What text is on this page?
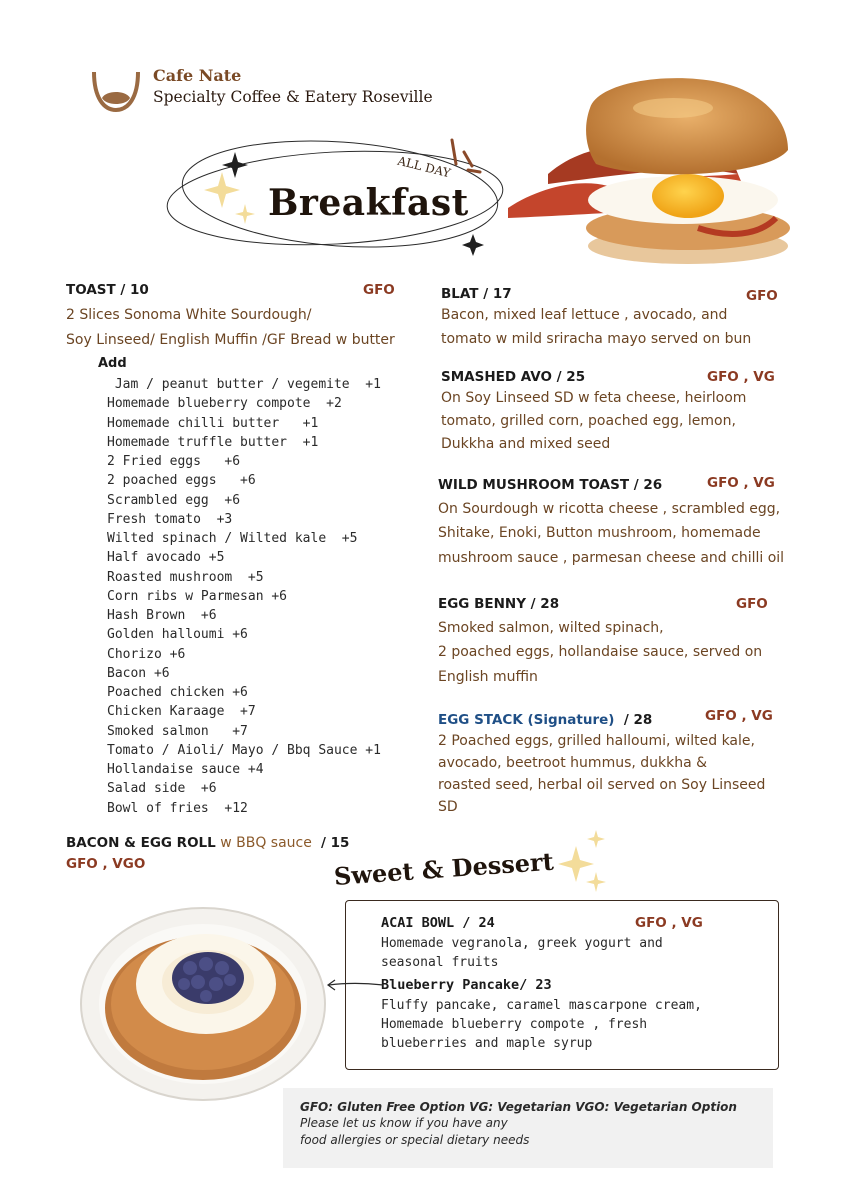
Cafe Nate
Specialty Coffee & Eatery Roseville
ALL DAY
Breakfast
TOAST / 10	GFO
2 Slices Sonoma White Sourdough/
Soy Linseed/ English Muffin /GF Bread w butter
Add
Jam / peanut butter / vegemite  +1
Homemade blueberry compote  +2
Homemade chilli butter   +1
Homemade truffle butter  +1
2 Fried eggs   +6
2 poached eggs   +6
Scrambled egg  +6
Fresh tomato  +3
Wilted spinach / Wilted kale  +5
Half avocado +5
Roasted mushroom  +5
Corn ribs w Parmesan +6
Hash Brown  +6
Golden halloumi +6
Chorizo +6
Bacon +6
Poached chicken +6
Chicken Karaage  +7
Smoked salmon   +7
Tomato / Aioli/ Mayo / Bbq Sauce +1
Hollandaise sauce +4
Salad side  +6
Bowl of fries  +12
BACON & EGG ROLL w BBQ sauce  / 15
GFO , VGO
BLAT / 17	GFO
Bacon, mixed leaf lettuce , avocado, and
tomato w mild sriracha mayo served on bun
SMASHED AVO / 25	GFO , VG
On Soy Linseed SD w feta cheese, heirloom
tomato, grilled corn, poached egg, lemon,
Dukkha and mixed seed
WILD MUSHROOM TOAST / 26	GFO , VG
On Sourdough w ricotta cheese , scrambled egg,
Shitake, Enoki, Button mushroom, homemade
mushroom sauce , parmesan cheese and chilli oil
EGG BENNY / 28	GFO
Smoked salmon, wilted spinach,
2 poached eggs, hollandaise sauce, served on
English muffin
EGG STACK (Signature)  / 28	GFO , VG
2 Poached eggs, grilled halloumi, wilted kale,
avocado, beetroot hummus, dukkha &
roasted seed, herbal oil served on Soy Linseed
SD
Sweet & Dessert
ACAI BOWL / 24	GFO , VG
Homemade vegranola, greek yogurt and
seasonal fruits
Blueberry Pancake/ 23
Fluffy pancake, caramel mascarpone cream,
Homemade blueberry compote , fresh
blueberries and maple syrup
GFO: Gluten Free Option VG: Vegetarian VGO: Vegetarian Option
Please let us know if you have any
food allergies or special dietary needs
